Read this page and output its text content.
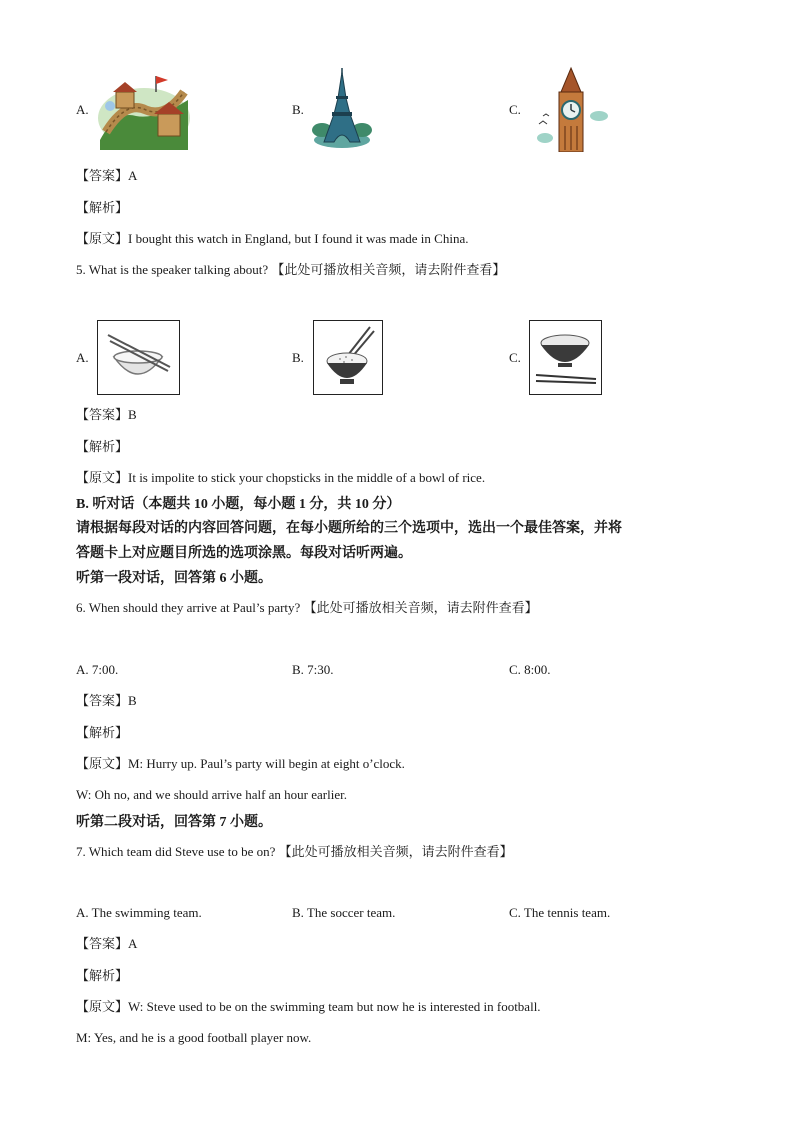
A.	B.	C.
【答案】A
【解析】
【原文】I bought this watch in England, but I found it was made in China.
5. What is the speaker talking about? 【此处可播放相关音频，请去附件查看】
A.	B.	C.
【答案】B
【解析】
【原文】It is impolite to stick your chopsticks in the middle of a bowl of rice.
B. 听对话（本题共 10 小题，每小题 1 分，共 10 分）
请根据每段对话的内容回答问题，在每小题所给的三个选项中，选出一个最佳答案，并将
答题卡上对应题目所选的选项涂黑。每段对话听两遍。
听第一段对话，回答第 6 小题。
6. When should they arrive at Paul’s party? 【此处可播放相关音频，请去附件查看】
A. 7:00.	B. 7:30.	C. 8:00.
【答案】B
【解析】
【原文】M: Hurry up. Paul’s party will begin at eight o’clock.
W: Oh no, and we should arrive half an hour earlier.
听第二段对话，回答第 7 小题。
7. Which team did Steve use to be on? 【此处可播放相关音频，请去附件查看】
A. The swimming team.	B. The soccer team.	C. The tennis team.
【答案】A
【解析】
【原文】W: Steve used to be on the swimming team but now he is interested in football.
M: Yes, and he is a good football player now.
